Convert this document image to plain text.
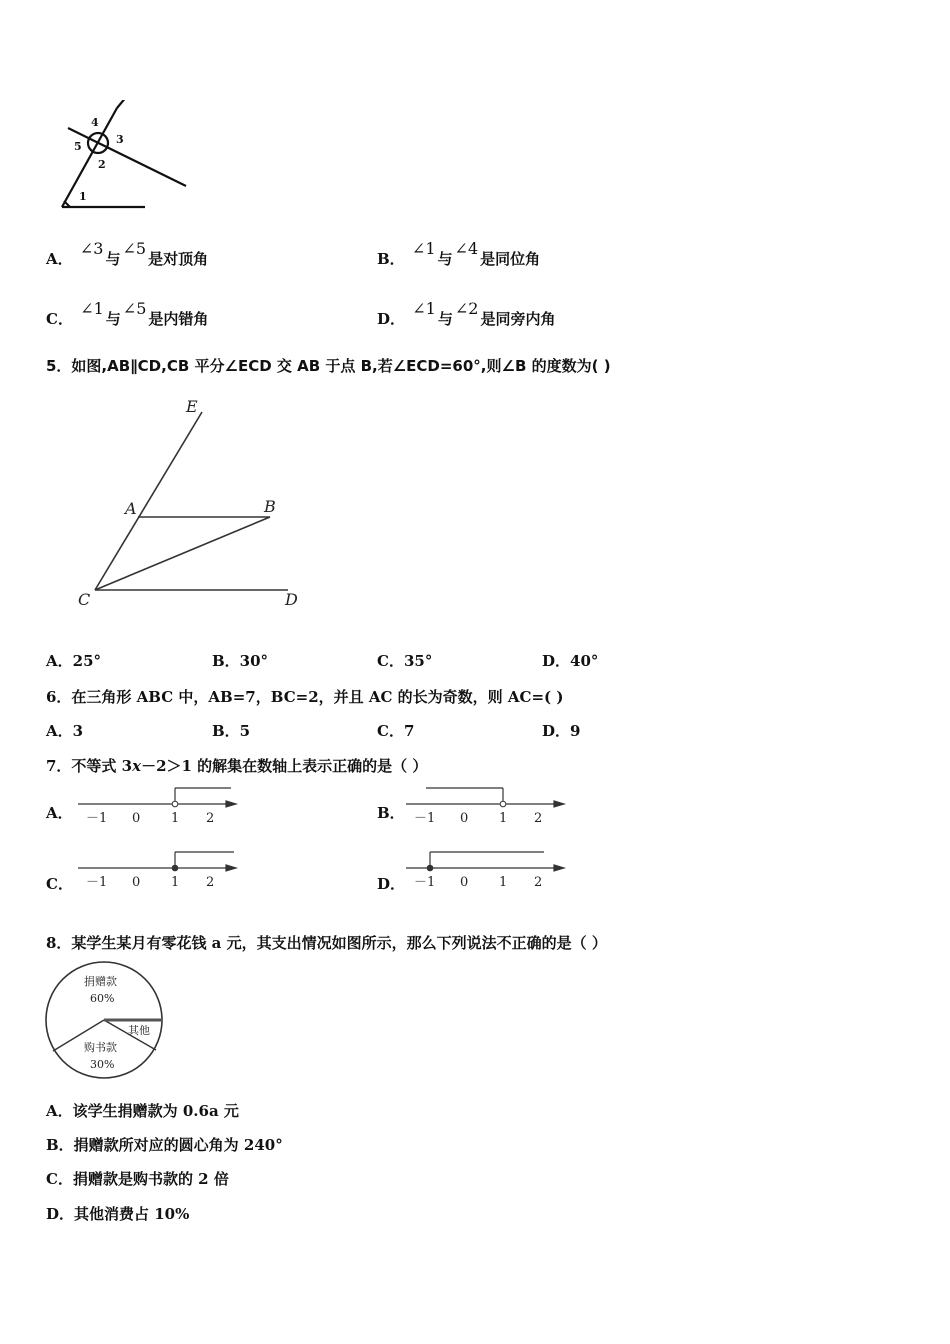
4
3
5
2
1
A． ∠3与∠5是对顶角	B． ∠1与∠4是同位角
C． ∠1与∠5是内错角	D． ∠1与∠2是同旁内角
5．如图,AB∥CD,CB 平分∠ECD 交 AB 于点 B,若∠ECD=60°,则∠B 的度数为( )
E
A	B
C	D
A．25°	B．30°	C．35°	D．40°
6．在三角形 ABC 中，AB=7，BC=2，并且 AC 的长为奇数，则 AC=( )
A．3	B．5	C．7	D．9
7．不等式 3x－2＞1 的解集在数轴上表示正确的是（ ）
A．	B．
C．	D．
－1 0 1 2	－1 0 1 2
－1 0 1 2	－1 0 1 2
8．某学生某月有零花钱 a 元，其支出情况如图所示，那么下列说法不正确的是（ ）
捐赠款
60%
其他
购书款
30%
A．该学生捐赠款为 0.6a 元
B．捐赠款所对应的圆心角为 240°
C．捐赠款是购书款的 2 倍
D．其他消费占 10%
